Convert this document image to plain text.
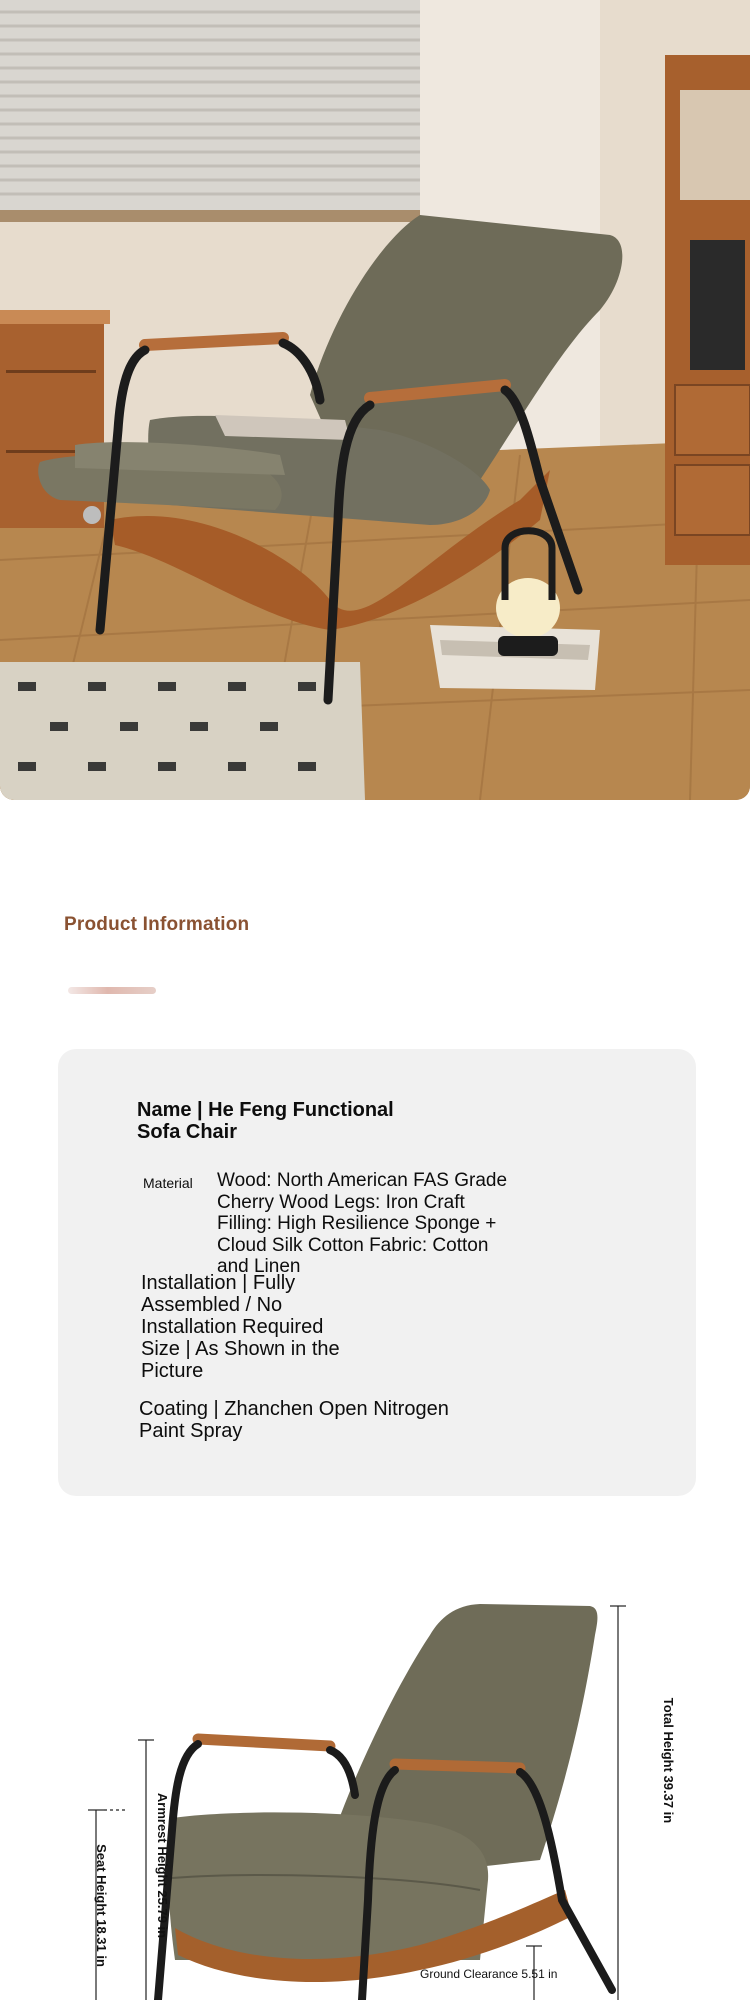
Product Information
Name | He Feng Functional Sofa Chair
Material Wood: North American FAS Grade Cherry Wood Legs: Iron Craft Filling: High Resilience Sponge + Cloud Silk Cotton Fabric: Cotton and Linen
Installation | Fully Assembled / No Installation Required
Size | As Shown in the Picture
Coating | Zhanchen Open Nitrogen Paint Spray
Total Height 39.37 in
Armrest Height 25.79 in
Seat Height 18.31 in
Ground Clearance 5.51 in
